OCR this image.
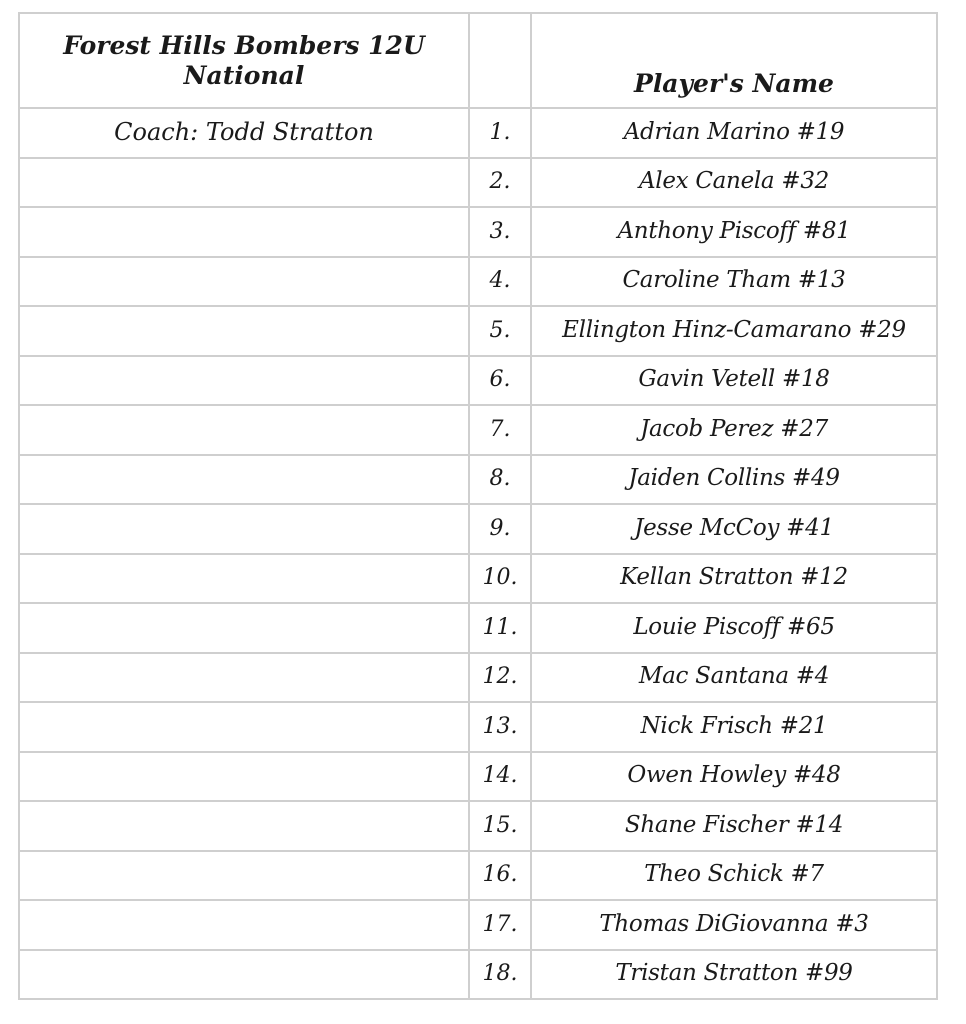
Forest Hills Bombers 12U National		Player's Name
Coach: Todd Stratton	1.	Adrian Marino #19
	2.	Alex Canela #32
	3.	Anthony Piscoff #81
	4.	Caroline Tham #13
	5.	Ellington Hinz-Camarano #29
	6.	Gavin Vetell #18
	7.	Jacob Perez #27
	8.	Jaiden Collins #49
	9.	Jesse McCoy #41
	10.	Kellan Stratton #12
	11.	Louie Piscoff #65
	12.	Mac Santana #4
	13.	Nick Frisch #21
	14.	Owen Howley #48
	15.	Shane Fischer #14
	16.	Theo Schick #7
	17.	Thomas DiGiovanna #3
	18.	Tristan Stratton #99
